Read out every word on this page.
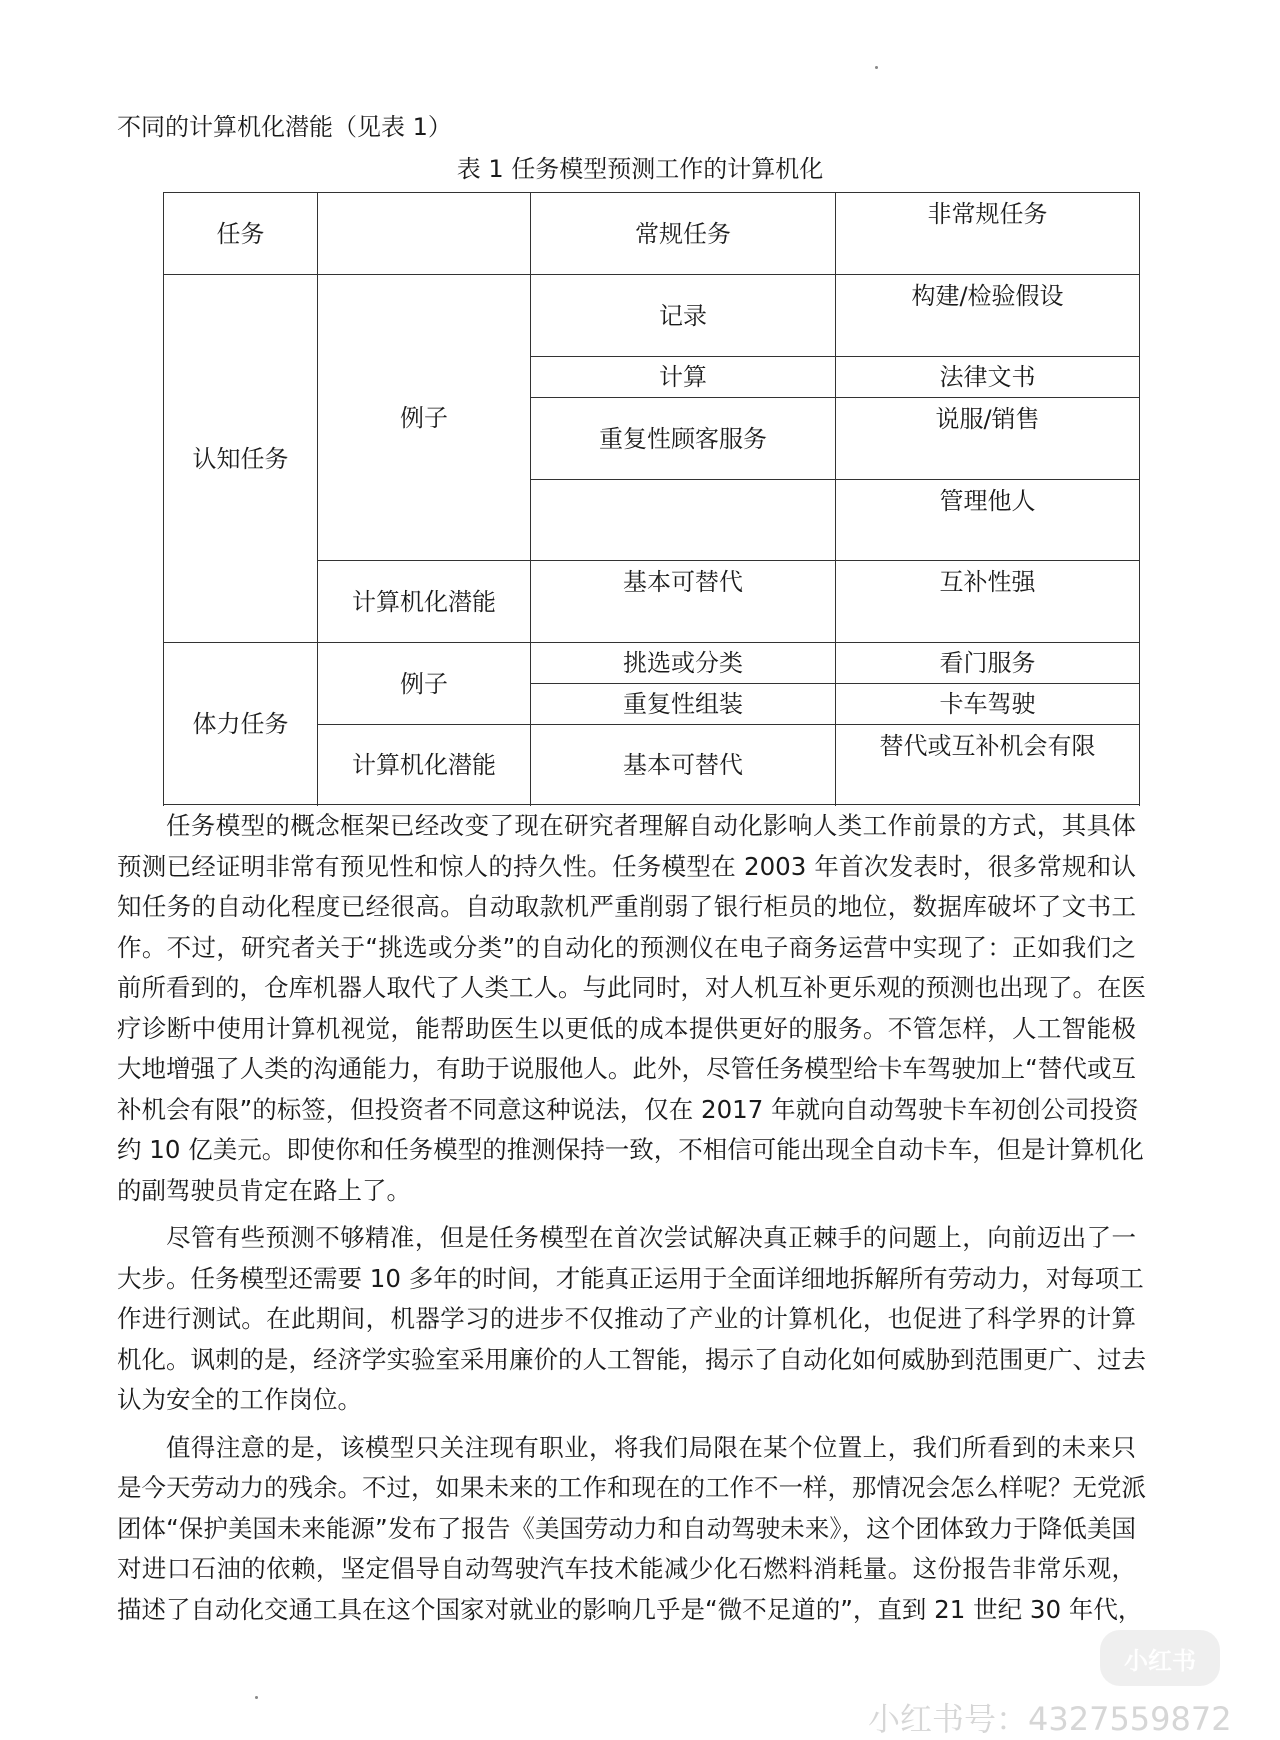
不同的计算机化潜能（见表 1）
表 1 任务模型预测工作的计算机化
任务		常规任务	非常规任务
认知任务	例子	记录	构建/检验假设
		计算	法律文书
		重复性顾客服务	说服/销售
			管理他人
	计算机化潜能	基本可替代	互补性强

体力任务	例子	挑选或分类	看门服务
		重复性组装	卡车驾驶
	计算机化潜能	基本可替代	替代或互补机会有限

任务模型的概念框架已经改变了现在研究者理解自动化影响人类工作前景的方式，其具体
预测已经证明非常有预见性和惊人的持久性。任务模型在 2003 年首次发表时，很多常规和认
知任务的自动化程度已经很高。自动取款机严重削弱了银行柜员的地位，数据库破坏了文书工
作。不过，研究者关于“挑选或分类”的自动化的预测仪在电子商务运营中实现了：正如我们之
前所看到的，仓库机器人取代了人类工人。与此同时，对人机互补更乐观的预测也出现了。在医
疗诊断中使用计算机视觉，能帮助医生以更低的成本提供更好的服务。不管怎样，人工智能极
大地增强了人类的沟通能力，有助于说服他人。此外，尽管任务模型给卡车驾驶加上“替代或互
补机会有限”的标签，但投资者不同意这种说法，仅在 2017 年就向自动驾驶卡车初创公司投资
约 10 亿美元。即使你和任务模型的推测保持一致，不相信可能出现全自动卡车，但是计算机化
的副驾驶员肯定在路上了。

尽管有些预测不够精准，但是任务模型在首次尝试解决真正棘手的问题上，向前迈出了一
大步。任务模型还需要 10 多年的时间，才能真正运用于全面详细地拆解所有劳动力，对每项工
作进行测试。在此期间，机器学习的进步不仅推动了产业的计算机化，也促进了科学界的计算
机化。讽刺的是，经济学实验室采用廉价的人工智能，揭示了自动化如何威胁到范围更广、过去
认为安全的工作岗位。

值得注意的是，该模型只关注现有职业，将我们局限在某个位置上，我们所看到的未来只
是今天劳动力的残余。不过，如果未来的工作和现在的工作不一样，那情况会怎么样呢？无党派
团体“保护美国未来能源”发布了报告《美国劳动力和自动驾驶未来》，这个团体致力于降低美国
对进口石油的依赖，坚定倡导自动驾驶汽车技术能减少化石燃料消耗量。这份报告非常乐观，
描述了自动化交通工具在这个国家对就业的影响几乎是“微不足道的”，直到 21 世纪 30 年代，

小红书
小红书号：4327559872
